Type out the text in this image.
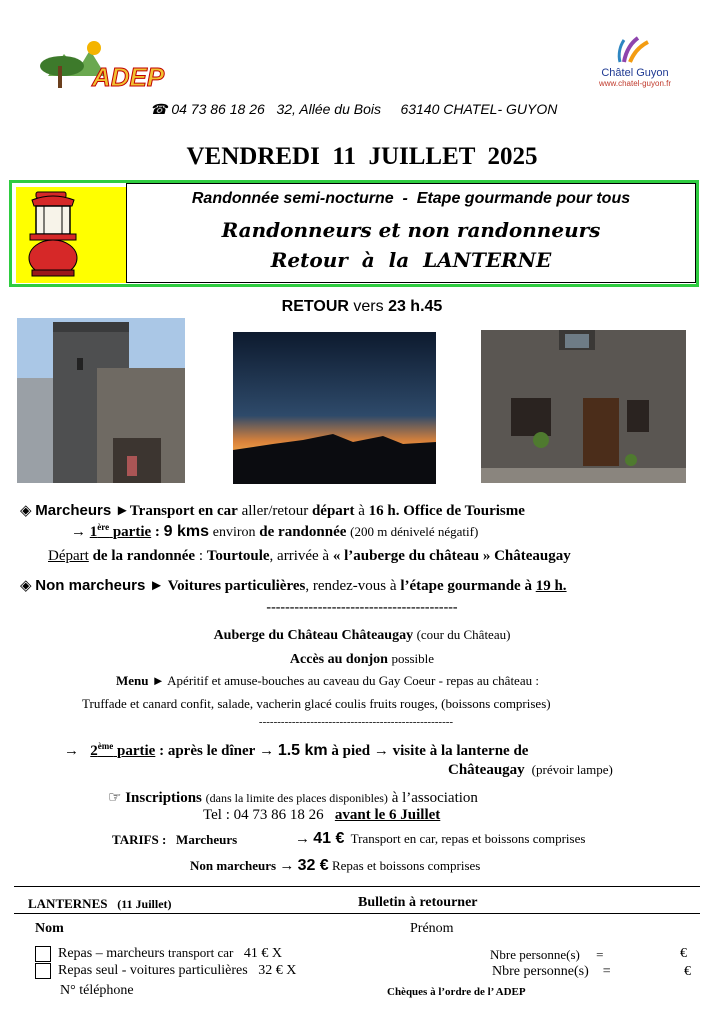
ADEP	Châtel Guyon
www.chatel-guyon.fr
☎ 04 73 86 18 26 32, Allée du Bois 63140 CHATEL- GUYON
VENDREDI  11  JUILLET  2025
Randonnée semi-nocturne  -  Etape gourmande pour tous
Randonneurs et non randonneurs
Retour  à  la  LANTERNE
RETOUR vers 23 h.45
◈ Marcheurs ►Transport en car aller/retour départ à 16 h. Office de Tourisme
→ 1ère partie : 9 kms environ de randonnée (200 m dénivelé négatif)
Départ de la randonnée : Tourtoule, arrivée à « l’auberge du château » Châteaugay
◈ Non marcheurs ► Voitures particulières, rendez-vous à l’étape gourmande à 19 h.
-----------------------------------------
Auberge du Château Châteaugay (cour du Château)
Accès au donjon possible
Menu ► Apéritif et amuse-bouches au caveau du Gay Coeur - repas au château :
Truffade et canard confit, salade, vacherin glacé coulis fruits rouges, (boissons comprises)
-----------------------------------------------------
→ 2ème partie : après le dîner → 1.5 km à pied → visite à la lanterne de
Châteaugay (prévoir lampe)
☞ Inscriptions (dans la limite des places disponibles) à l’association
Tel : 04 73 86 18 26 avant le 6 Juillet
TARIFS : Marcheurs	→ 41 € Transport en car, repas et boissons comprises
Non marcheurs → 32 € Repas et boissons comprises
LANTERNES (11 Juillet)	Bulletin à retourner
Nom	Prénom
Repas – marcheurs transport car 41 € X	Nbre personne(s) =	€
Repas seul - voitures particulières 32 € X	Nbre personne(s) =	€
N° téléphone	Chèques à l’ordre de l’ ADEP
